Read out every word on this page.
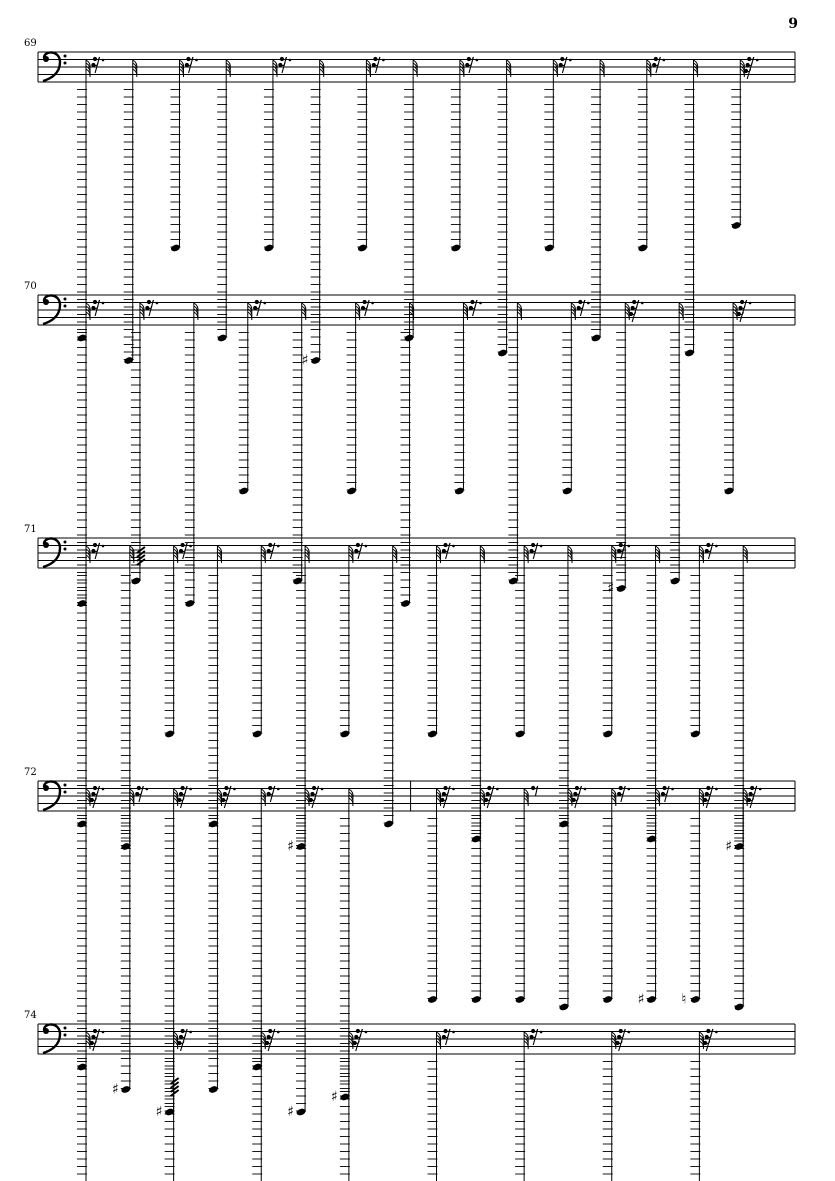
69
♯
70
♯
71
♯	♯
72
♯
♯	♯
♯
♯	♮
74
9
